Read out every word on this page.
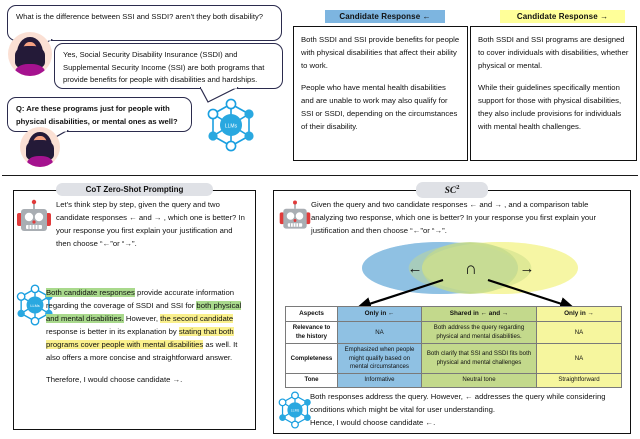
What is the difference between SSI and SSDI? aren't they both disability?
Yes, Social Security Disability Insurance (SSDI) and Supplemental Security Income (SSI) are both programs that provide benefits for people with disabilities and hardships.
Q: Are these programs just for people with physical disabilities, or mental ones as well?
LLMs
Candidate Response ←

Both SSDI and SSI provide benefits for people with physical disabilities that affect their ability to work.

People who have mental health disabilities and are unable to work may also qualify for SSI or SSDI, depending on the circumstances of their disability.

Candidate Response →

Both SSDI and SSI programs are designed to cover individuals with disabilities, whether physical or mental.

While their guidelines specifically mention support for those with physical disabilities, they also include provisions for individuals with mental health challenges.

CoT Zero-Shot Prompting

Let's think step by step, given the query and two candidate responses ← and → , which one is better? In your response you first explain your justification and then choose “←”or “→”.

LLMs

Both candidate responses provide accurate information regarding the coverage of SSDI and SSI for both physical and mental disabilities. However, the second candidate response is better in its explanation by stating that both programs cover people with mental disabilities as well. It also offers a more concise and straightforward answer.

Therefore, I would choose candidate →.

$SC^2$

Given the query and two candidate responses ← and → , and a comparison table analyzing two response, which one is better? In your response you first explain your justification and then choose “←”or “→”.

← ∩	→
Aspects	Only in ←	Shared in ← and →	Only in →
Relevance to the history	NA	Both address the query regarding physical and mental disabilities.	NA
Completeness	Emphasized when people might qualify based on mental circumstances	Both clarify that SSI and SSDI fits both physical and mental challenges	NA
Tone	Informative	Neutral tone	Straightforward
LLMs

Both responses address the query. However, ← addresses the query while considering conditions which might be vital for user understanding.

Hence, I would choose candidate ←.
